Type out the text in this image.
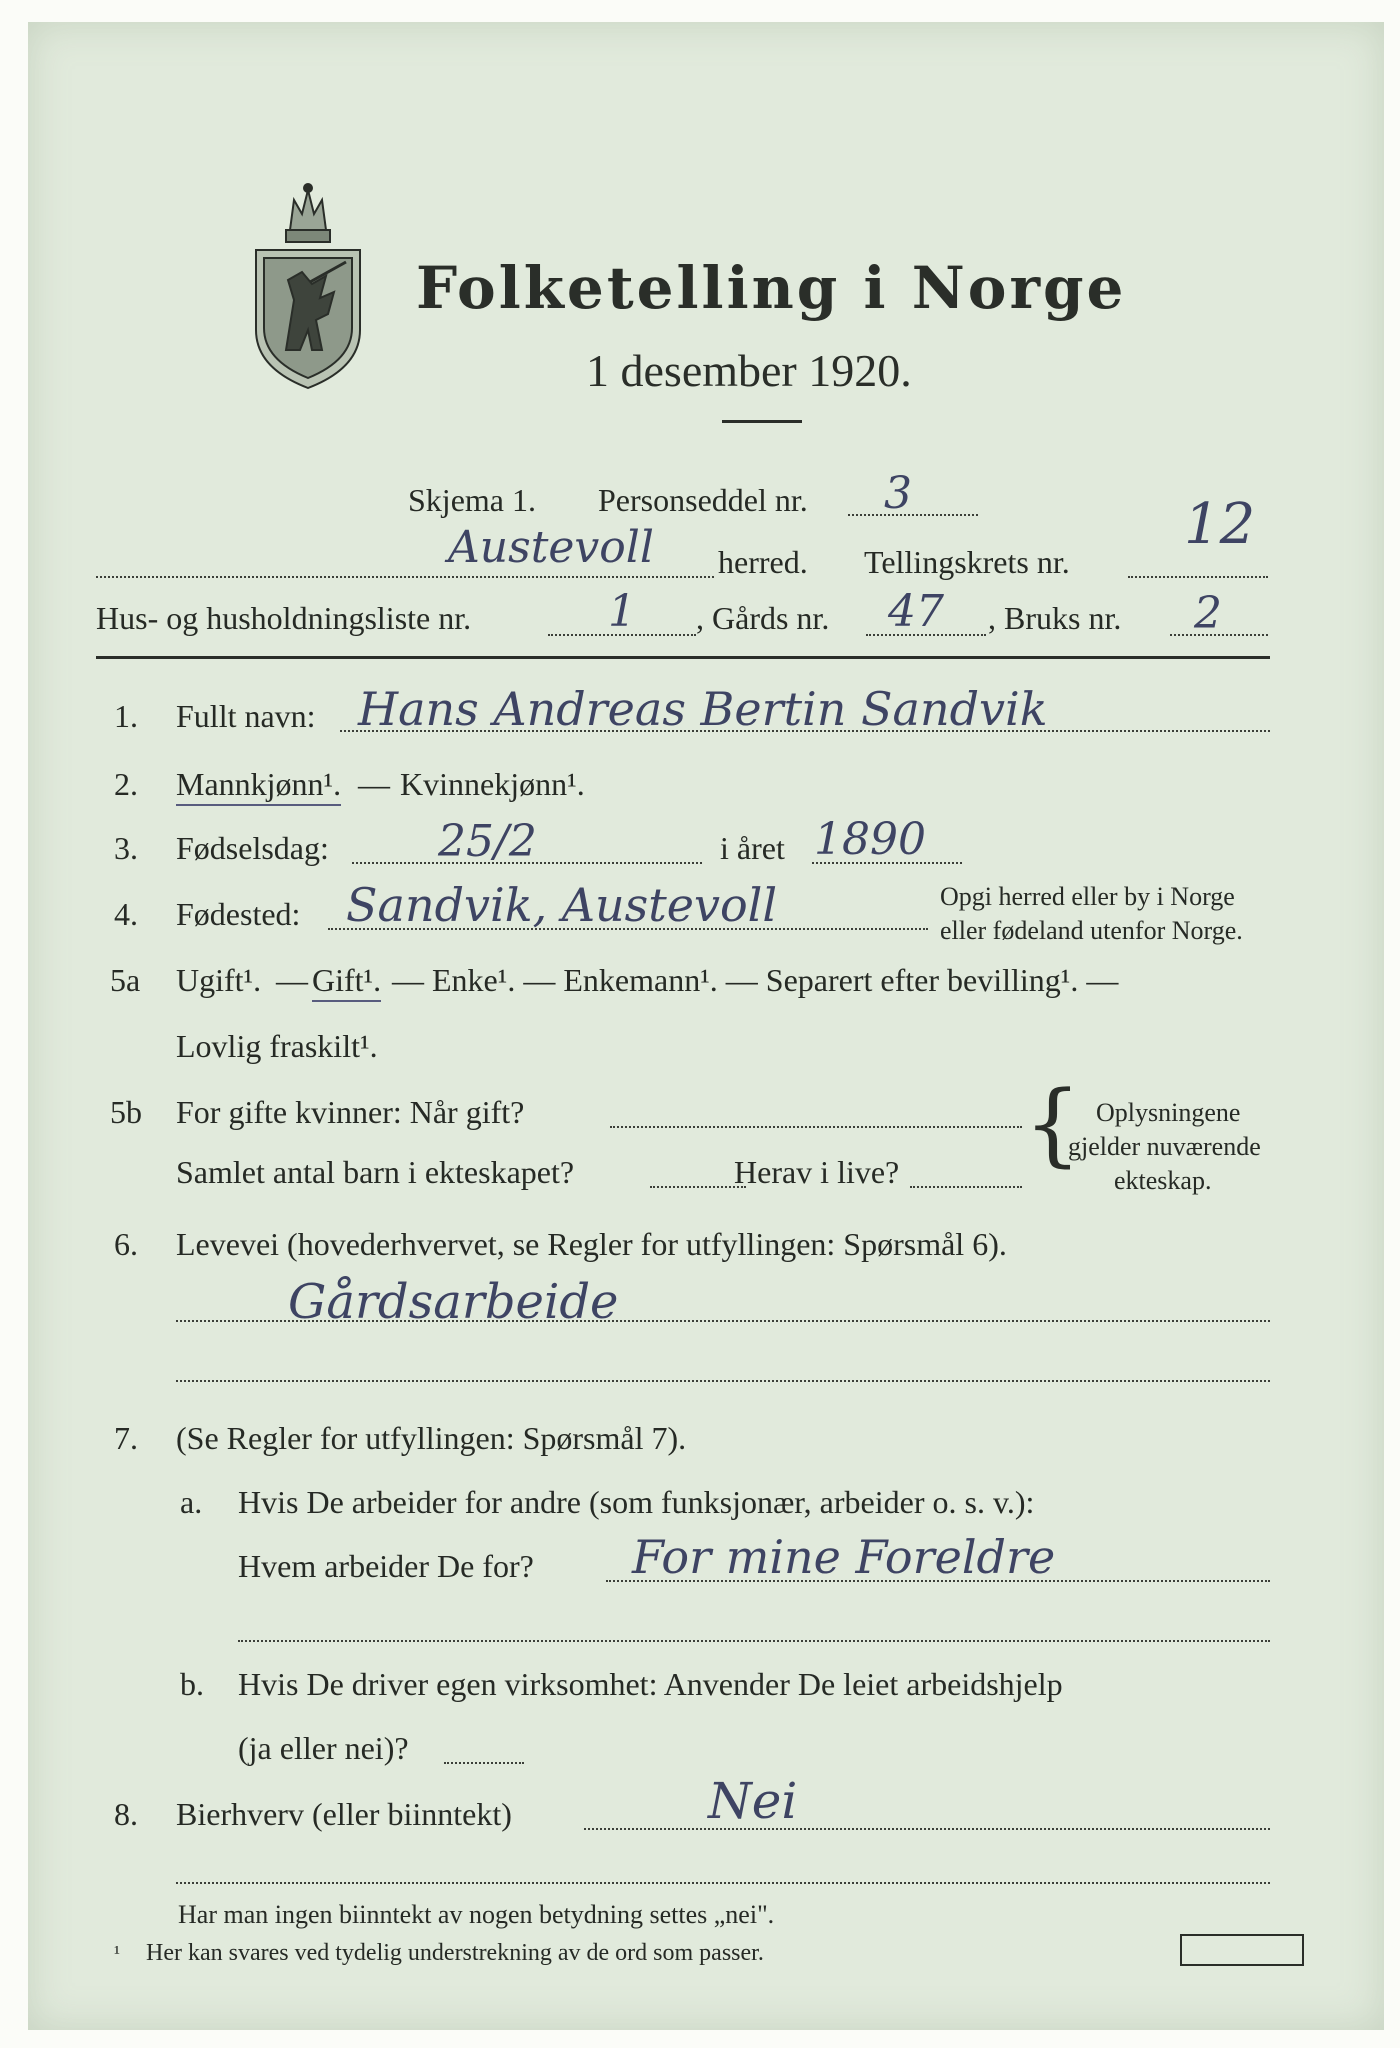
Folketelling i Norge
1 desember 1920.
Skjema 1. Personseddel nr. 3
Austevoll herred. Tellingskrets nr.
12
Hus- og husholdningsliste nr.	1 , Gårds nr. 47 , Bruks nr. 2
1. Fullt navn: Hans Andreas Bertin Sandvik
2. Mannkjønn¹. — Kvinnekjønn¹.
3. Fødselsdag: 25/2	i året 1890
4. Fødested: Sandvik, Austevoll	Opgi herred eller by i Norge
eller fødeland utenfor Norge.
5a Ugift¹. — Gift¹. — Enke¹. — Enkemann¹. — Separert efter bevilling¹. —
Lovlig fraskilt¹.
5b For gifte kvinner: Når gift?
Samlet antal barn i ekteskapet?	Herav i live? { Oplysningene
gjelder nuværende
ekteskap.
6. Levevei (hovederhvervet, se Regler for utfyllingen: Spørsmål 6).
Gårdsarbeide
7. (Se Regler for utfyllingen: Spørsmål 7).
a. Hvis De arbeider for andre (som funksjonær, arbeider o. s. v.):
Hvem arbeider De for? For mine Foreldre
b. Hvis De driver egen virksomhet: Anvender De leiet arbeidshjelp
(ja eller nei)?
8. Bierhverv (eller biinntekt)	Nei
Har man ingen biinntekt av nogen betydning settes „nei".
¹ Her kan svares ved tydelig understrekning av de ord som passer.
